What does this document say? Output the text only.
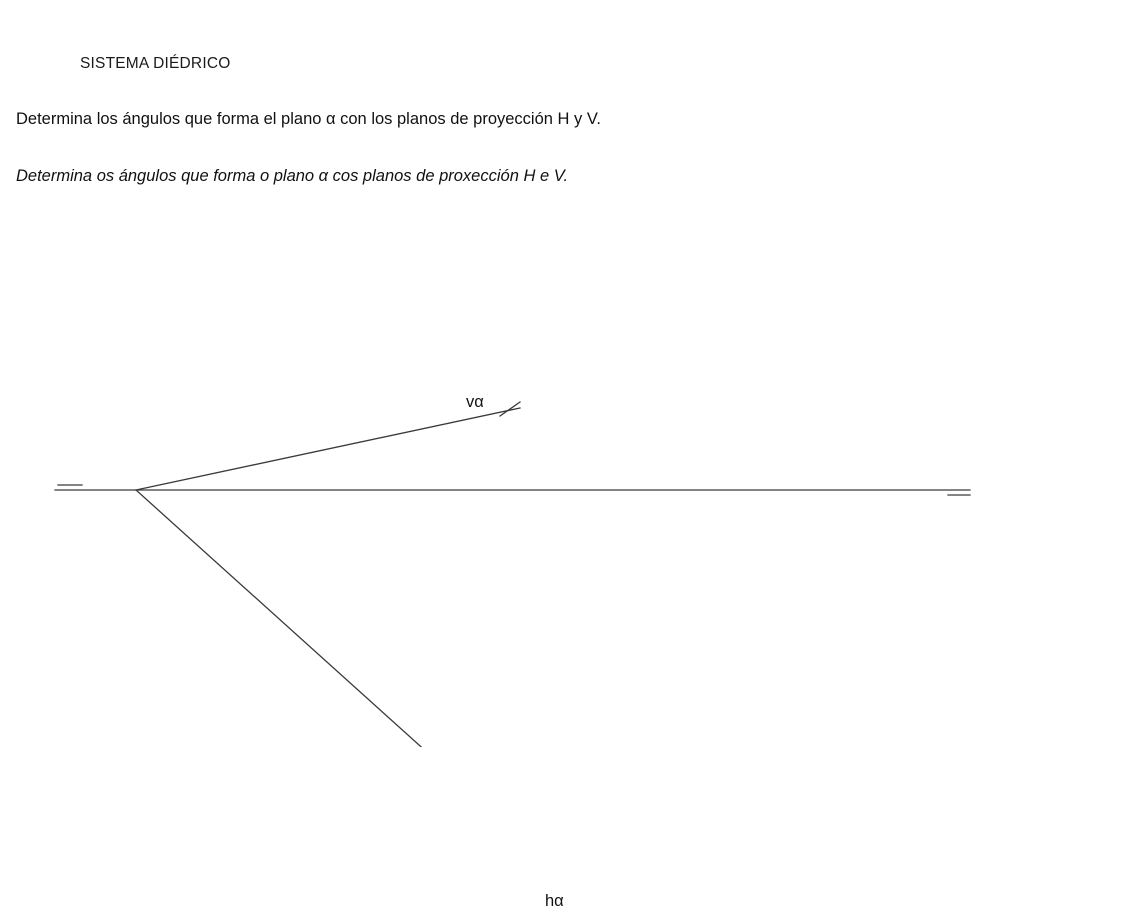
SISTEMA DIÉDRICO
Determina los ángulos que forma el plano α con los planos de proyección H y V.
Determina os ángulos que forma o plano α cos planos de proxección H e V.
vα
hα
